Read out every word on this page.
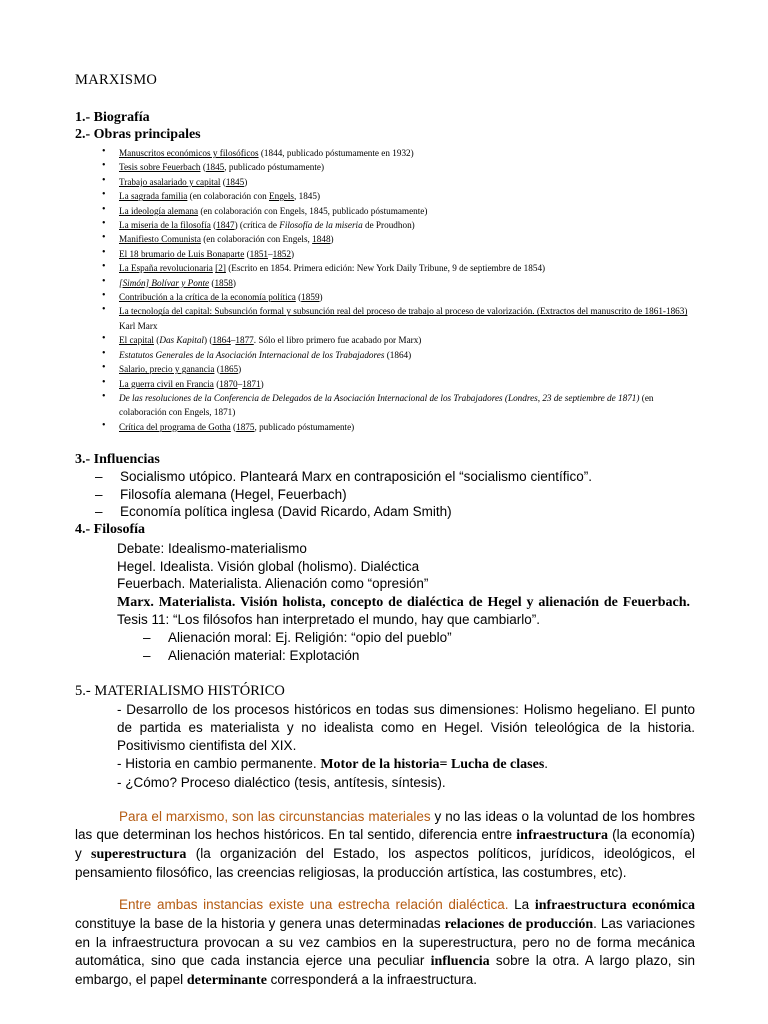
MARXISMO
1.- Biografía
2.- Obras principales
• Manuscritos económicos y filosóficos (1844, publicado póstumamente en 1932)
• Tesis sobre Feuerbach (1845, publicado póstumamente)
• Trabajo asalariado y capital (1845)
• La sagrada familia (en colaboración con Engels, 1845)
• La ideología alemana (en colaboración con Engels, 1845, publicado póstumamente)
• La miseria de la filosofía (1847) (crítica de Filosofía de la miseria de Proudhon)
• Manifiesto Comunista (en colaboración con Engels, 1848)
• El 18 brumario de Luis Bonaparte (1851–1852)
• La España revolucionaria [2] (Escrito en 1854. Primera edición: New York Daily Tribune, 9 de septiembre de 1854)
• [Simón] Bolívar y Ponte (1858)
• Contribución a la crítica de la economía política (1859)
• La tecnología del capital: Subsunción formal y subsunción real del proceso de trabajo al proceso de valorización. (Extractos del manuscrito de 1861-1863) Karl Marx
• El capital (Das Kapital) (1864–1877. Sólo el libro primero fue acabado por Marx)
• Estatutos Generales de la Asociación Internacional de los Trabajadores (1864)
• Salario, precio y ganancia (1865)
• La guerra civil en Francia (1870–1871)
• De las resoluciones de la Conferencia de Delegados de la Asociación Internacional de los Trabajadores (Londres, 23 de septiembre de 1871) (en colaboración con Engels, 1871)
• Crítica del programa de Gotha (1875, publicado póstumamente)
3.- Influencias
– Socialismo utópico. Planteará Marx en contraposición el “socialismo científico”.
– Filosofía alemana (Hegel, Feuerbach)
– Economía política inglesa (David Ricardo, Adam Smith)
4.- Filosofía

Debate: Idealismo-materialismo

Hegel. Idealista. Visión global (holismo). Dialéctica

Feuerbach. Materialista. Alienación como “opresión”

Marx. Materialista. Visión holista, concepto de dialéctica de Hegel y alienación de Feuerbach. Tesis 11: “Los filósofos han interpretado el mundo, hay que cambiarlo”.

– Alienación moral: Ej. Religión: “opio del pueblo”
– Alienación material: Explotación
5.- MATERIALISMO HISTÓRICO

- Desarrollo de los procesos históricos en todas sus dimensiones: Holismo hegeliano. El punto de partida es materialista y no idealista como en Hegel. Visión teleológica de la historia. Positivismo cientifista del XIX.

- Historia en cambio permanente. Motor de la historia= Lucha de clases.

- ¿Cómo? Proceso dialéctico (tesis, antítesis, síntesis).

Para el marxismo, son las circunstancias materiales y no las ideas o la voluntad de los hombres las que determinan los hechos históricos. En tal sentido, diferencia entre infraestructura (la economía) y superestructura (la organización del Estado, los aspectos políticos, jurídicos, ideológicos, el pensamiento filosófico, las creencias religiosas, la producción artística, las costumbres, etc).

Entre ambas instancias existe una estrecha relación dialéctica. La infraestructura económica constituye la base de la historia y genera unas determinadas relaciones de producción. Las variaciones en la infraestructura provocan a su vez cambios en la superestructura, pero no de forma mecánica automática, sino que cada instancia ejerce una peculiar influencia sobre la otra. A largo plazo, sin embargo, el papel determinante corresponderá a la infraestructura.
